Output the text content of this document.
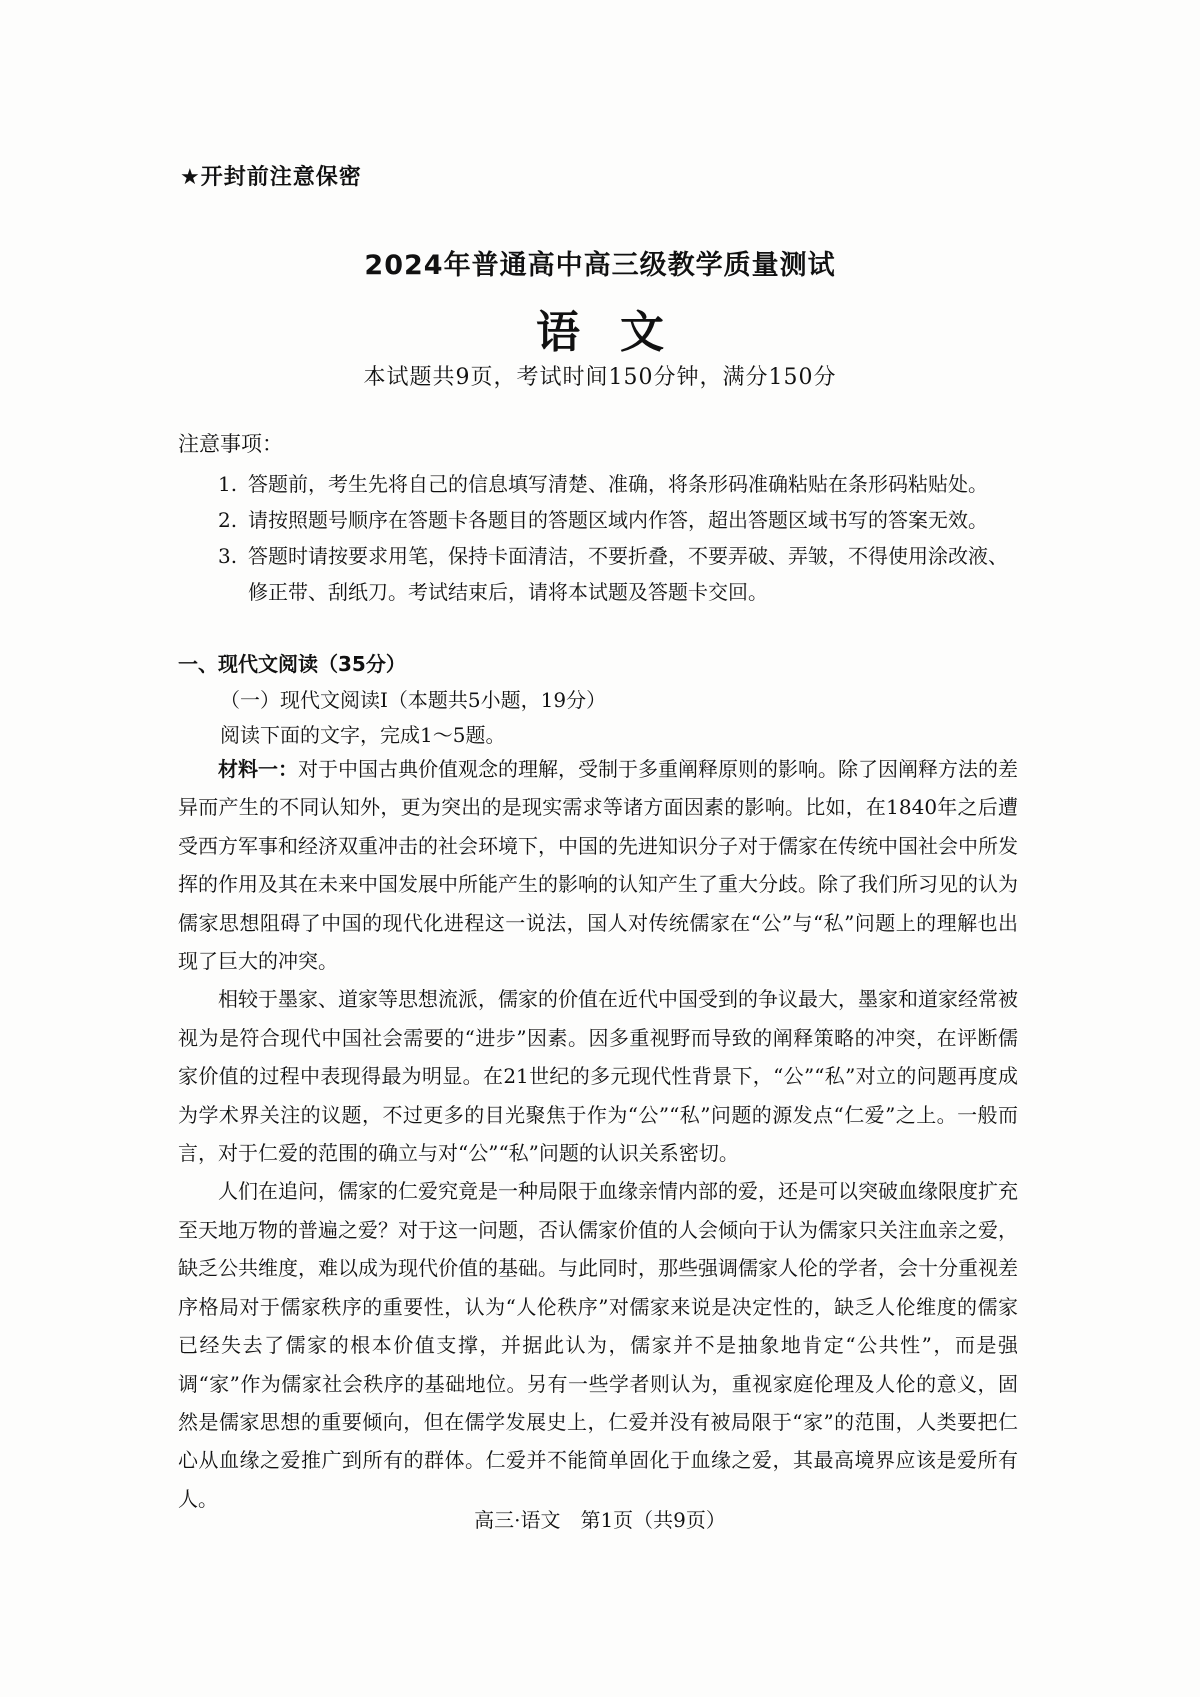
★开封前注意保密
2024年普通高中高三级教学质量测试
语文
本试题共9页，考试时间150分钟，满分150分
注意事项：
1. 答题前，考生先将自己的信息填写清楚、准确，将条形码准确粘贴在条形码粘贴处。
2. 请按照题号顺序在答题卡各题目的答题区域内作答，超出答题区域书写的答案无效。
3. 答题时请按要求用笔，保持卡面清洁，不要折叠，不要弄破、弄皱，不得使用涂改液、修正带、刮纸刀。考试结束后，请将本试题及答题卡交回。
一、现代文阅读（35分）
（一）现代文阅读Ⅰ（本题共5小题，19分）
阅读下面的文字，完成1～5题。

材料一：对于中国古典价值观念的理解，受制于多重阐释原则的影响。除了因阐释方法的差异而产生的不同认知外，更为突出的是现实需求等诸方面因素的影响。比如，在1840年之后遭受西方军事和经济双重冲击的社会环境下，中国的先进知识分子对于儒家在传统中国社会中所发挥的作用及其在未来中国发展中所能产生的影响的认知产生了重大分歧。除了我们所习见的认为儒家思想阻碍了中国的现代化进程这一说法，国人对传统儒家在“公”与“私”问题上的理解也出现了巨大的冲突。

相较于墨家、道家等思想流派，儒家的价值在近代中国受到的争议最大，墨家和道家经常被视为是符合现代中国社会需要的“进步”因素。因多重视野而导致的阐释策略的冲突，在评断儒家价值的过程中表现得最为明显。在21世纪的多元现代性背景下，“公”“私”对立的问题再度成为学术界关注的议题，不过更多的目光聚焦于作为“公”“私”问题的源发点“仁爱”之上。一般而言，对于仁爱的范围的确立与对“公”“私”问题的认识关系密切。

人们在追问，儒家的仁爱究竟是一种局限于血缘亲情内部的爱，还是可以突破血缘限度扩充至天地万物的普遍之爱？对于这一问题，否认儒家价值的人会倾向于认为儒家只关注血亲之爱，缺乏公共维度，难以成为现代价值的基础。与此同时，那些强调儒家人伦的学者，会十分重视差序格局对于儒家秩序的重要性，认为“人伦秩序”对儒家来说是决定性的，缺乏人伦维度的儒家已经失去了儒家的根本价值支撑，并据此认为，儒家并不是抽象地肯定“公共性”，而是强调“家”作为儒家社会秩序的基础地位。另有一些学者则认为，重视家庭伦理及人伦的意义，固然是儒家思想的重要倾向，但在儒学发展史上，仁爱并没有被局限于“家”的范围，人类要把仁心从血缘之爱推广到所有的群体。仁爱并不能简单固化于血缘之爱，其最高境界应该是爱所有人。

高三·语文　第1页（共9页）
